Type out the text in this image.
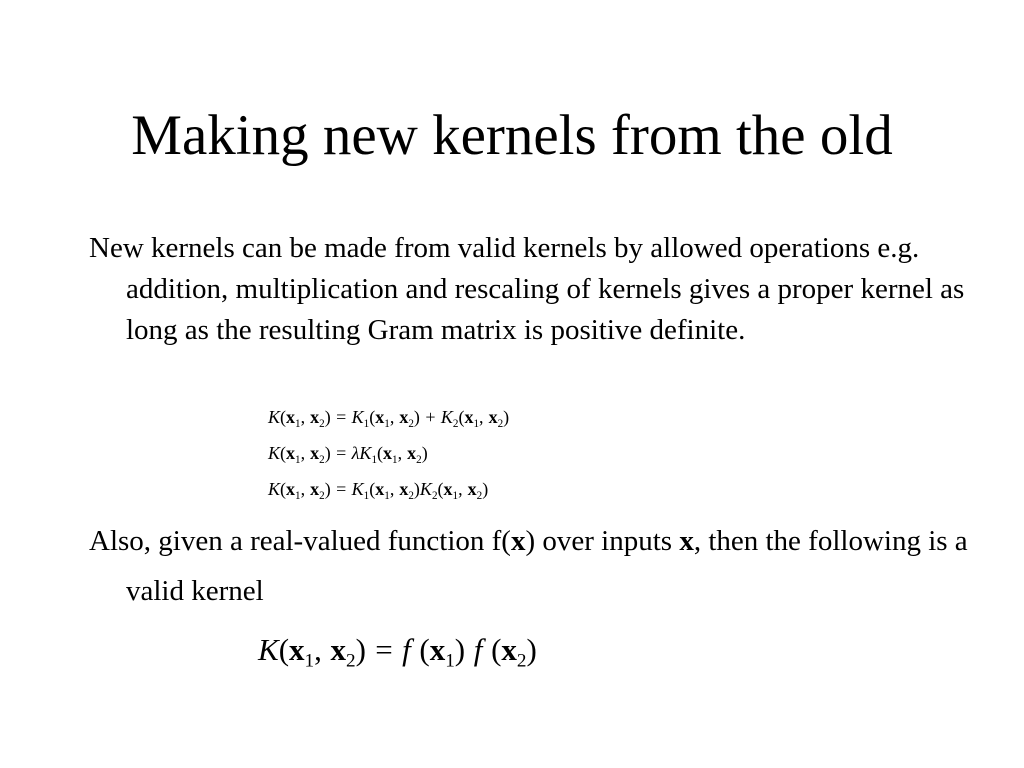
Making new kernels from the old
New kernels can be made from valid kernels by allowed operations e.g. addition, multiplication and rescaling of kernels gives a proper kernel as long as the resulting Gram matrix is positive definite.
$K(x_1$, $x_2) = K_1(x_1$, $x_2) + K_2(x_1$, $x_2$)
$K(x_1$, $x_2) = \lambda K_1(x_1$, $x_2$)
$K(x_1$, $x_2) = K_1(x_1$, $x_2)K_2(x_1$, $x_2$)
Also, given a real-valued function f(x) over inputs x, then the following is a valid kernel
$K(x_1$, $x_2) = f$ $(x_1)$ f $(x_2)$
